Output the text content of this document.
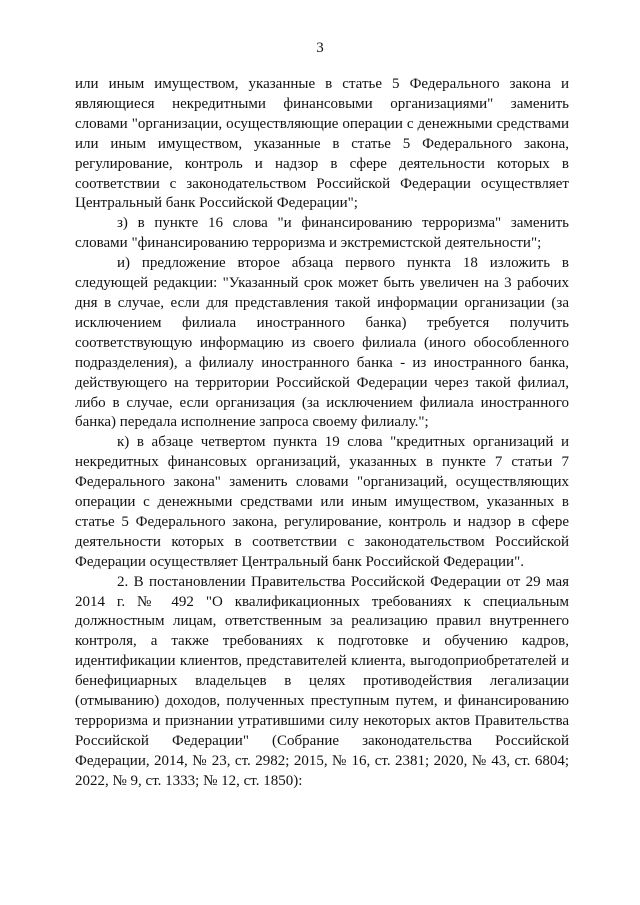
3

или иным имуществом, указанные в статье 5 Федерального закона и являющиеся некредитными финансовыми организациями" заменить словами "организации, осуществляющие операции с денежными средствами или иным имуществом, указанные в статье 5 Федерального закона, регулирование, контроль и надзор в сфере деятельности которых в соответствии с законодательством Российской Федерации осуществляет Центральный банк Российской Федерации";

з) в пункте 16 слова "и финансированию терроризма" заменить словами "финансированию терроризма и экстремистской деятельности";

и) предложение второе абзаца первого пункта 18 изложить в следующей редакции: "Указанный срок может быть увеличен на 3 рабочих дня в случае, если для представления такой информации организации (за исключением филиала иностранного банка) требуется получить соответствующую информацию из своего филиала (иного обособленного подразделения), а филиалу иностранного банка - из иностранного банка, действующего на территории Российской Федерации через такой филиал, либо в случае, если организация (за исключением филиала иностранного банка) передала исполнение запроса своему филиалу.";

к) в абзаце четвертом пункта 19 слова "кредитных организаций и некредитных финансовых организаций, указанных в пункте 7 статьи 7 Федерального закона" заменить словами "организаций, осуществляющих операции с денежными средствами или иным имуществом, указанных в статье 5 Федерального закона, регулирование, контроль и надзор в сфере деятельности которых в соответствии с законодательством Российской Федерации осуществляет Центральный банк Российской Федерации".

2. В постановлении Правительства Российской Федерации от 29 мая 2014 г. № 492 "О квалификационных требованиях к специальным должностным лицам, ответственным за реализацию правил внутреннего контроля, а также требованиях к подготовке и обучению кадров, идентификации клиентов, представителей клиента, выгодоприобретателей и бенефициарных владельцев в целях противодействия легализации (отмыванию) доходов, полученных преступным путем, и финансированию терроризма и признании утратившими силу некоторых актов Правительства Российской Федерации" (Собрание законодательства Российской Федерации, 2014, № 23, ст. 2982; 2015, № 16, ст. 2381; 2020, № 43, ст. 6804; 2022, № 9, ст. 1333; № 12, ст. 1850):
